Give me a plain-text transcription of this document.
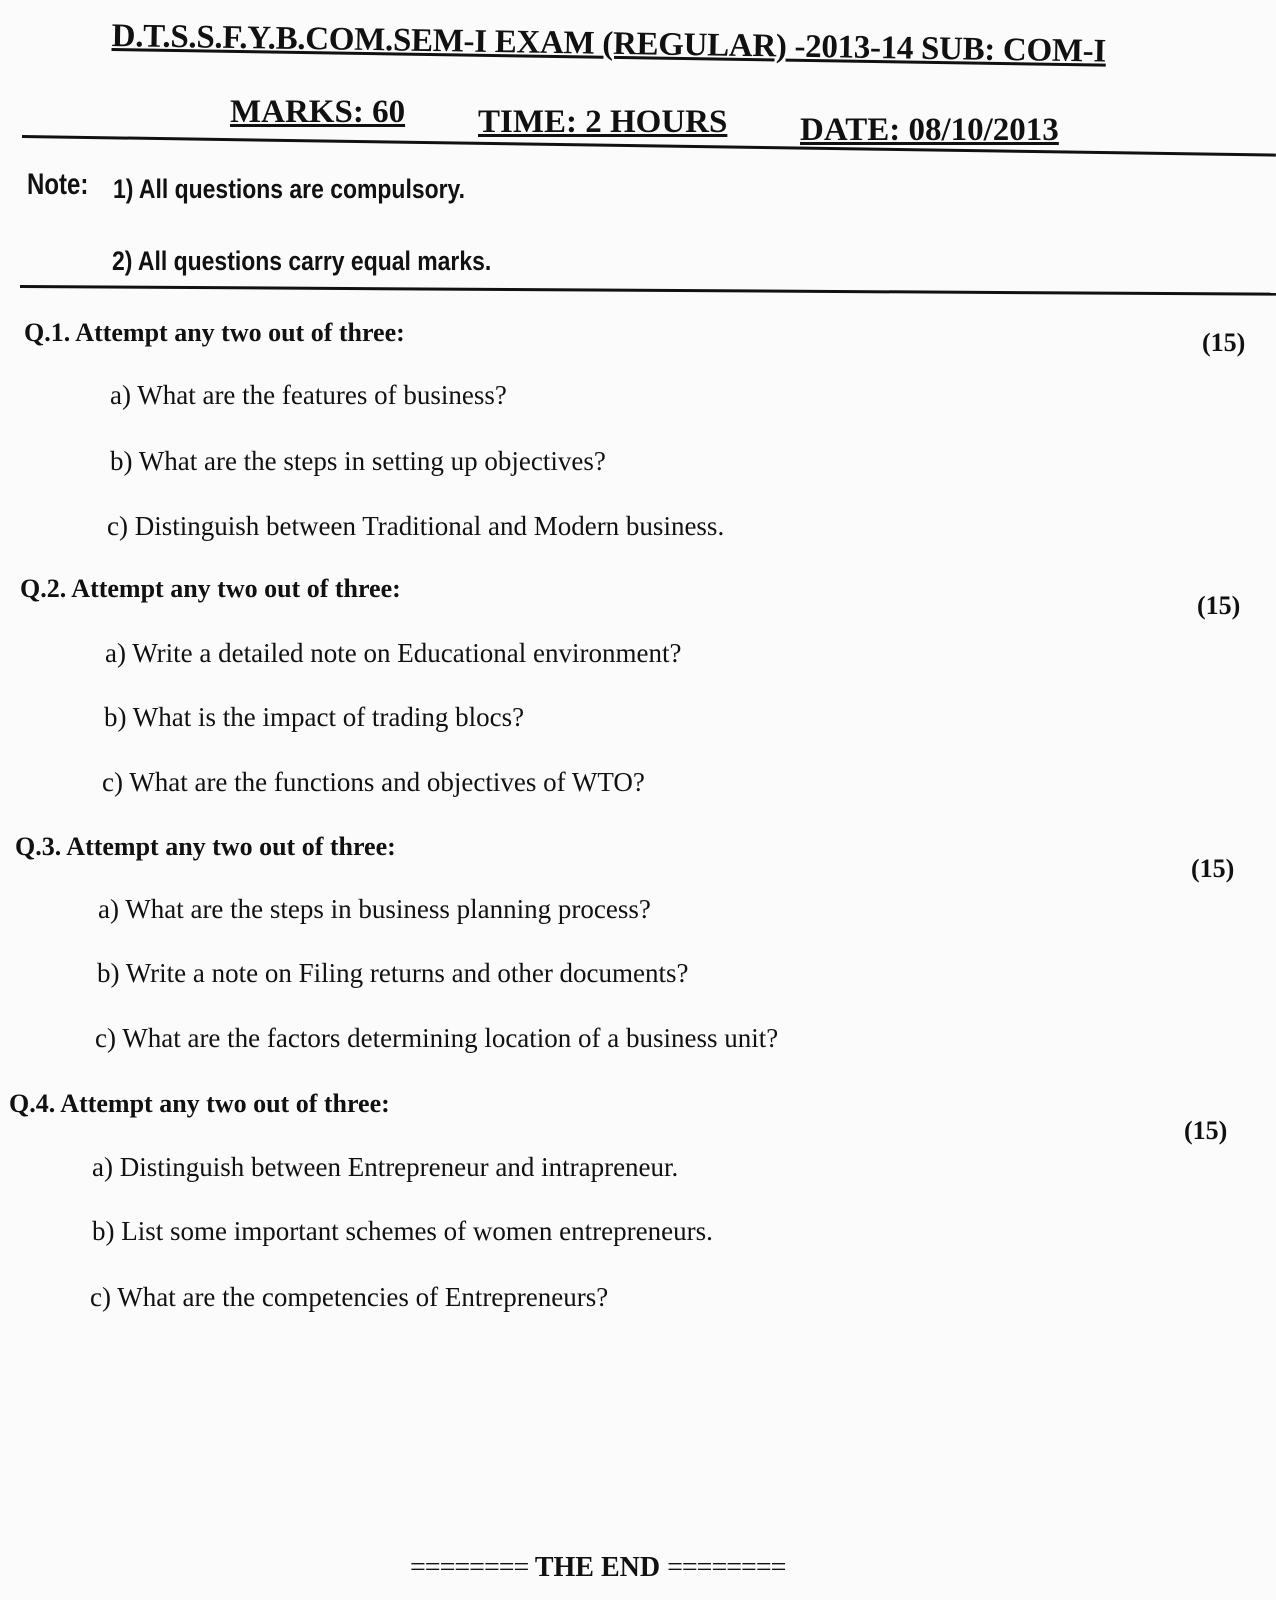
D.T.S.S.F.Y.B.COM.SEM-I EXAM (REGULAR) -2013-14 SUB: COM-I
MARKS: 60 TIME: 2 HOURS DATE: 08/10/2013
Note: 1) All questions are compulsory.
2) All questions carry equal marks.
Q.1. Attempt any two out of three:	(15)
a) What are the features of business?
b) What are the steps in setting up objectives?
c) Distinguish between Traditional and Modern business.
Q.2. Attempt any two out of three:
(15)
a) Write a detailed note on Educational environment?
b) What is the impact of trading blocs?
c) What are the functions and objectives of WTO?
Q.3. Attempt any two out of three:
(15)
a) What are the steps in business planning process?
b) Write a note on Filing returns and other documents?
c) What are the factors determining location of a business unit?
Q.4. Attempt any two out of three:
(15)
a) Distinguish between Entrepreneur and intrapreneur.
b) List some important schemes of women entrepreneurs.
c) What are the competencies of Entrepreneurs?
======== THE END ========
